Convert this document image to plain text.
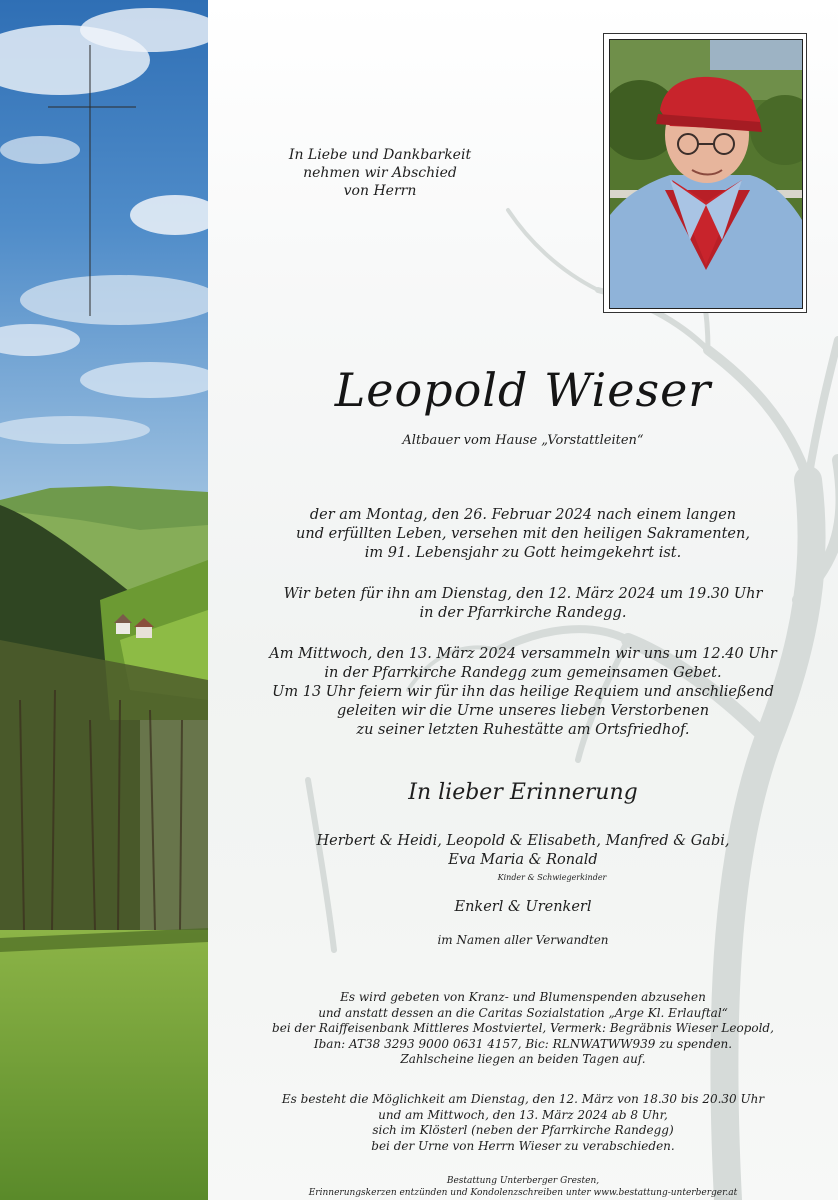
In Liebe und Dankbarkeit
nehmen wir Abschied
von Herrn
Leopold Wieser
Altbauer vom Hause „Vorstattleiten“
der am Montag, den 26. Februar 2024 nach einem langen
und erfüllten Leben, versehen mit den heiligen Sakramenten,
im 91. Lebensjahr zu Gott heimgekehrt ist.
Wir beten für ihn am Dienstag, den 12. März 2024 um 19.30 Uhr
in der Pfarrkirche Randegg.
Am Mittwoch, den 13. März 2024 versammeln wir uns um 12.40 Uhr
in der Pfarrkirche Randegg zum gemeinsamen Gebet.
Um 13 Uhr feiern wir für ihn das heilige Requiem und anschließend
geleiten wir die Urne unseres lieben Verstorbenen
zu seiner letzten Ruhestätte am Ortsfriedhof.
In lieber Erinnerung
Herbert & Heidi, Leopold & Elisabeth, Manfred & Gabi,
Eva Maria & Ronald
Kinder & Schwiegerkinder
Enkerl & Urenkerl
im Namen aller Verwandten
Es wird gebeten von Kranz- und Blumenspenden abzusehen
und anstatt dessen an die Caritas Sozialstation „Arge Kl. Erlauftal“
bei der Raiffeisenbank Mittleres Mostviertel, Vermerk: Begräbnis Wieser Leopold,
Iban: AT38 3293 9000 0631 4157, Bic: RLNWATWW939 zu spenden.
Zahlscheine liegen an beiden Tagen auf.
Es besteht die Möglichkeit am Dienstag, den 12. März von 18.30 bis 20.30 Uhr
und am Mittwoch, den 13. März 2024 ab 8 Uhr,
sich im Klösterl (neben der Pfarrkirche Randegg)
bei der Urne von Herrn Wieser zu verabschieden.
Bestattung Unterberger Gresten,
Erinnerungskerzen entzünden und Kondolenzschreiben unter www.bestattung-unterberger.at
